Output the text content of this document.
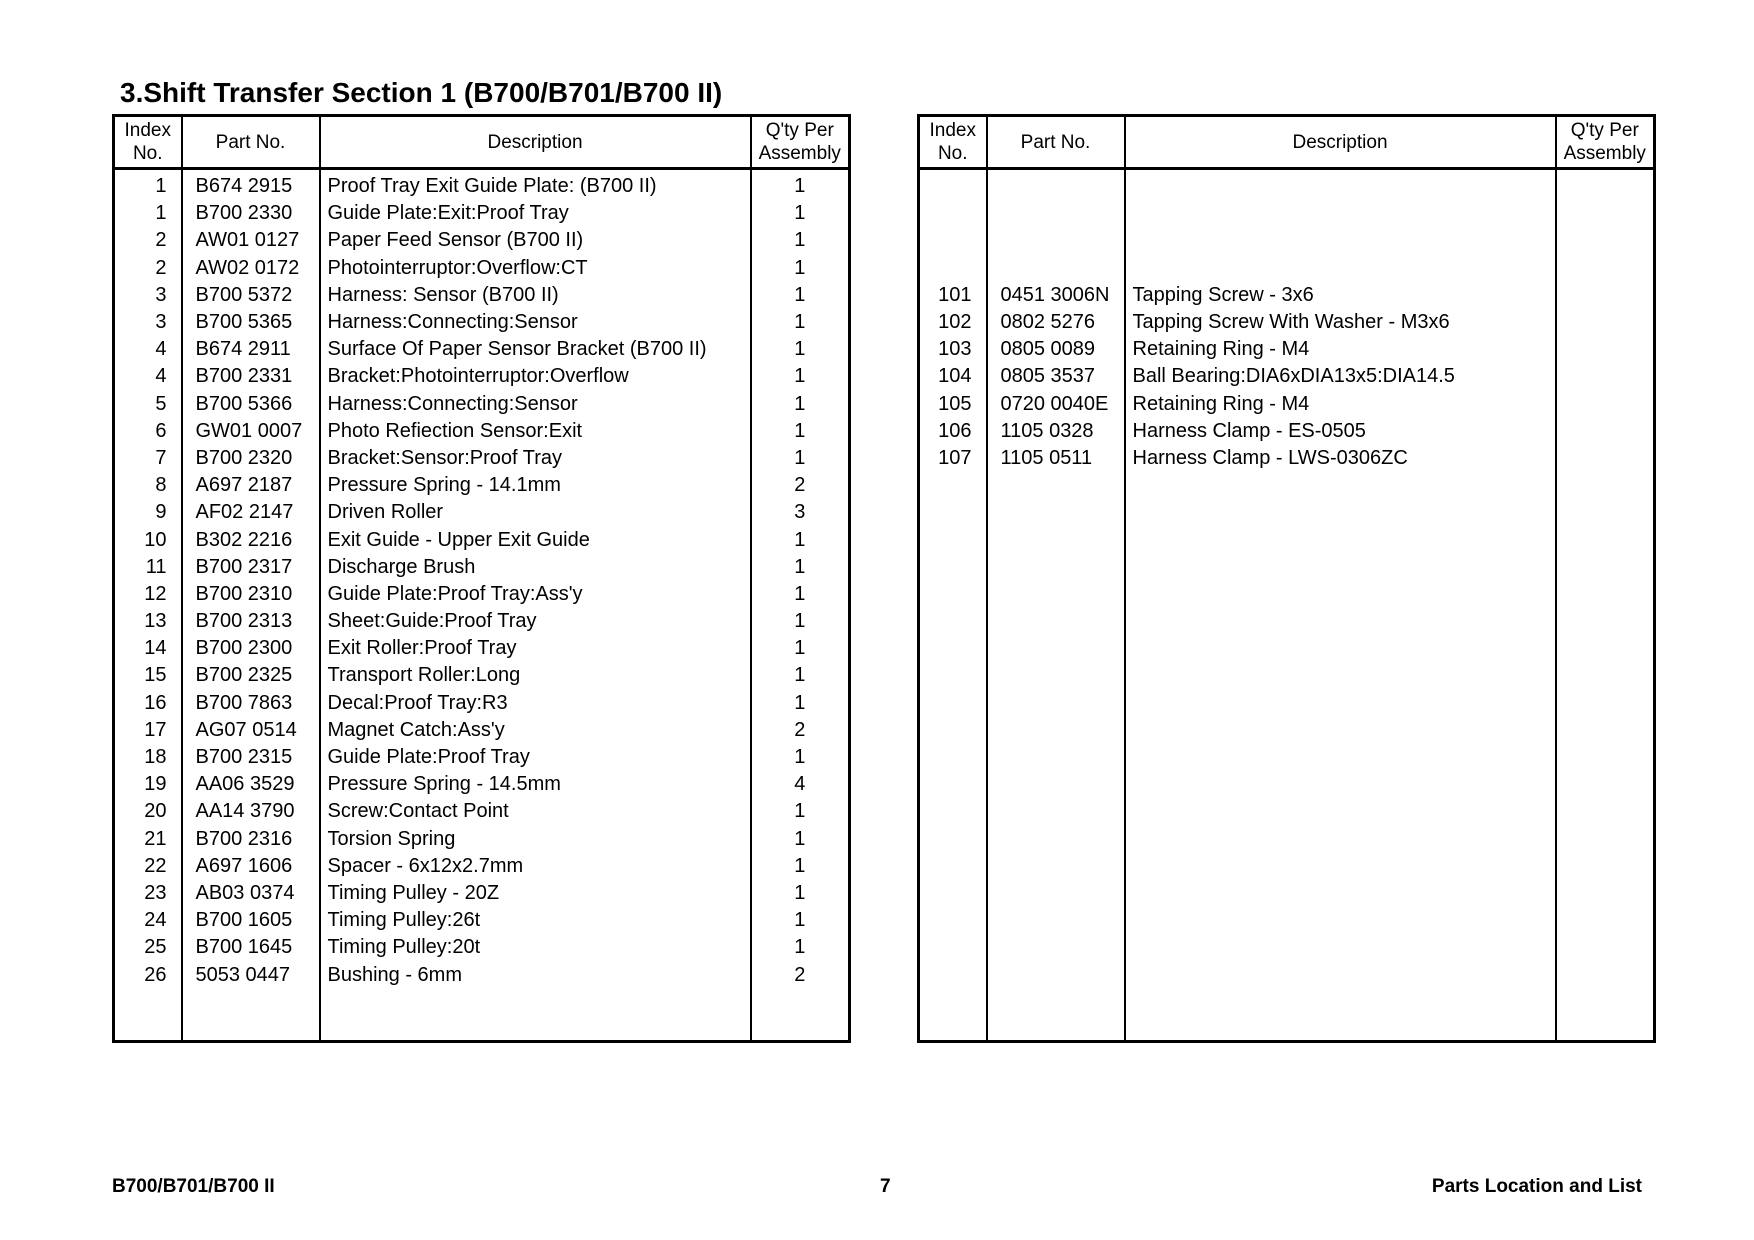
3.Shift Transfer Section 1 (B700/B701/B700 II)
Index
No.	Part No.	Description	Q'ty Per
Assembly
1	B674 2915	Proof Tray Exit Guide Plate: (B700 II)	1
1	B700 2330	Guide Plate:Exit:Proof Tray	1
2	AW01 0127	Paper Feed Sensor (B700 II)	1
2	AW02 0172	Photointerruptor:Overflow:CT	1
3	B700 5372	Harness: Sensor (B700 II)	1
3	B700 5365	Harness:Connecting:Sensor	1
4	B674 2911	Surface Of Paper Sensor Bracket (B700 II)	1
4	B700 2331	Bracket:Photointerruptor:Overflow	1
5	B700 5366	Harness:Connecting:Sensor	1
6	GW01 0007	Photo Refiection Sensor:Exit	1
7	B700 2320	Bracket:Sensor:Proof Tray	1
8	A697 2187	Pressure Spring - 14.1mm	2
9	AF02 2147	Driven Roller	3
10	B302 2216	Exit Guide - Upper Exit Guide	1
11	B700 2317	Discharge Brush	1
12	B700 2310	Guide Plate:Proof Tray:Ass'y	1
13	B700 2313	Sheet:Guide:Proof Tray	1
14	B700 2300	Exit Roller:Proof Tray	1
15	B700 2325	Transport Roller:Long	1
16	B700 7863	Decal:Proof Tray:R3	1
17	AG07 0514	Magnet Catch:Ass'y	2
18	B700 2315	Guide Plate:Proof Tray	1
19	AA06 3529	Pressure Spring - 14.5mm	4
20	AA14 3790	Screw:Contact Point	1
21	B700 2316	Torsion Spring	1
22	A697 1606	Spacer - 6x12x2.7mm	1
23	AB03 0374	Timing Pulley - 20Z	1
24	B700 1605	Timing Pulley:26t	1
25	B700 1645	Timing Pulley:20t	1
26	5053 0447	Bushing - 6mm	2

Index
No.	Part No.	Description	Q'ty Per
Assembly

101	0451 3006N	Tapping Screw - 3x6	
102	0802 5276	Tapping Screw With Washer - M3x6	
103	0805 0089	Retaining Ring - M4	
104	0805 3537	Ball Bearing:DIA6xDIA13x5:DIA14.5	
105	0720 0040E	Retaining Ring - M4	
106	1105 0328	Harness Clamp - ES-0505	
107	1105 0511	Harness Clamp - LWS-0306ZC	

B700/B701/B700 II	7	Parts Location and List
